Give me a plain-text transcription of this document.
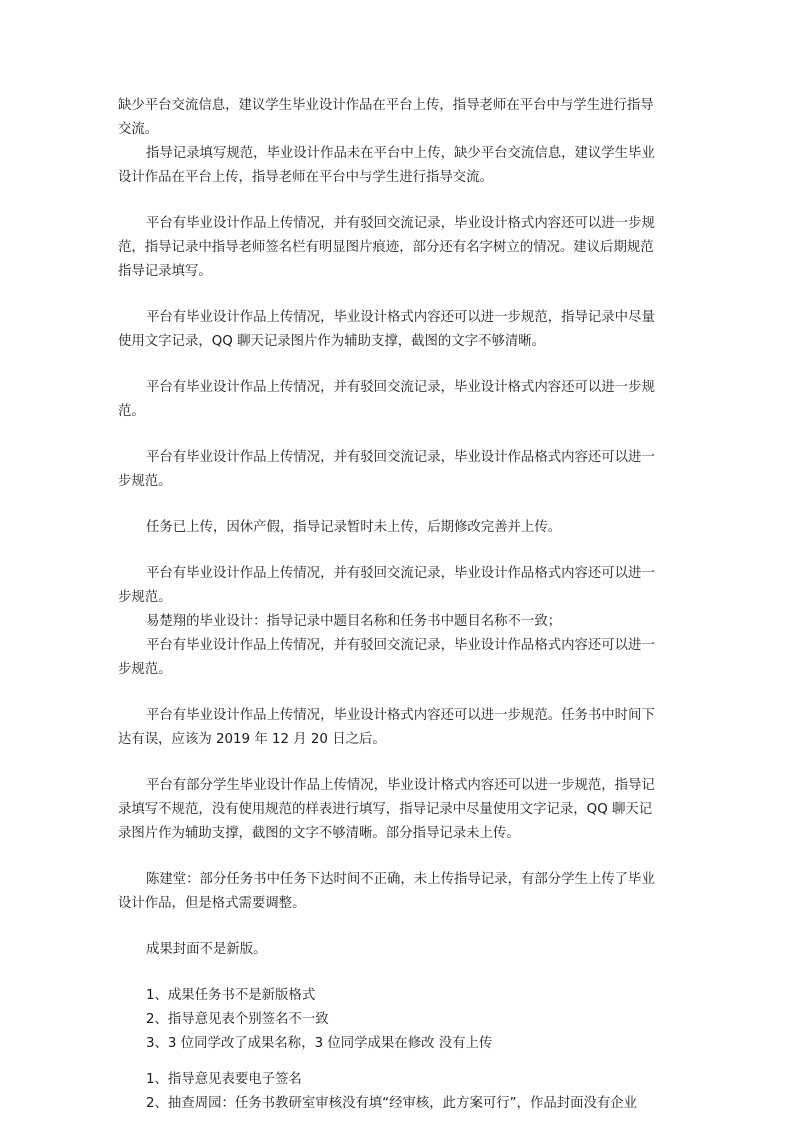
缺少平台交流信息，建议学生毕业设计作品在平台上传，指导老师在平台中与学生进行指导

交流。

指导记录填写规范，毕业设计作品未在平台中上传，缺少平台交流信息，建议学生毕业

设计作品在平台上传，指导老师在平台中与学生进行指导交流。

平台有毕业设计作品上传情况，并有驳回交流记录，毕业设计格式内容还可以进一步规

范，指导记录中指导老师签名栏有明显图片痕迹，部分还有名字树立的情况。建议后期规范

指导记录填写。

平台有毕业设计作品上传情况，毕业设计格式内容还可以进一步规范，指导记录中尽量

使用文字记录，QQ 聊天记录图片作为辅助支撑，截图的文字不够清晰。

平台有毕业设计作品上传情况，并有驳回交流记录，毕业设计格式内容还可以进一步规

范。

平台有毕业设计作品上传情况，并有驳回交流记录，毕业设计作品格式内容还可以进一

步规范。

任务已上传，因休产假，指导记录暂时未上传，后期修改完善并上传。

平台有毕业设计作品上传情况，并有驳回交流记录，毕业设计作品格式内容还可以进一

步规范。

易楚翔的毕业设计：指导记录中题目名称和任务书中题目名称不一致；

平台有毕业设计作品上传情况，并有驳回交流记录，毕业设计作品格式内容还可以进一

步规范。

平台有毕业设计作品上传情况，毕业设计格式内容还可以进一步规范。任务书中时间下

达有误，应该为 2019 年 12 月 20 日之后。

平台有部分学生毕业设计作品上传情况，毕业设计格式内容还可以进一步规范，指导记

录填写不规范，没有使用规范的样表进行填写，指导记录中尽量使用文字记录，QQ 聊天记

录图片作为辅助支撑，截图的文字不够清晰。部分指导记录未上传。

陈建堂：部分任务书中任务下达时间不正确，未上传指导记录，有部分学生上传了毕业

设计作品，但是格式需要调整。

成果封面不是新版。

1、成果任务书不是新版格式

2、指导意见表个别签名不一致

3、3 位同学改了成果名称，3 位同学成果在修改 没有上传

1、指导意见表要电子签名

2、抽查周园：任务书教研室审核没有填“经审核，此方案可行”，作品封面没有企业
